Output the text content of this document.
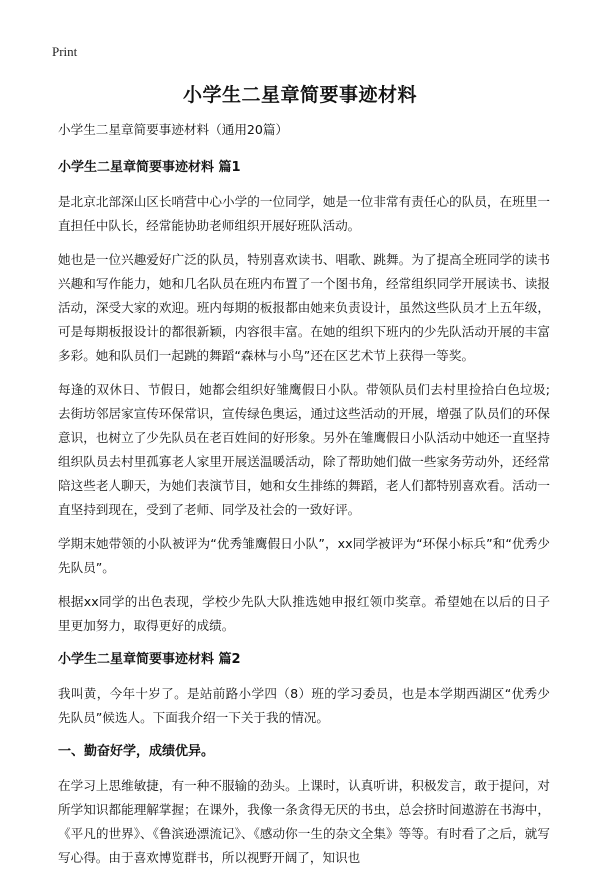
Print
小学生二星章简要事迹材料

小学生二星章简要事迹材料（通用20篇）

小学生二星章简要事迹材料 篇1

是北京北部深山区长哨营中心小学的一位同学，她是一位非常有责任心的队员，在班里一直担任中队长，经常能协助老师组织开展好班队活动。

她也是一位兴趣爱好广泛的队员，特别喜欢读书、唱歌、跳舞。为了提高全班同学的读书兴趣和写作能力，她和几名队员在班内布置了一个图书角，经常组织同学开展读书、读报活动，深受大家的欢迎。班内每期的板报都由她来负责设计，虽然这些队员才上五年级，可是每期板报设计的都很新颖，内容很丰富。在她的组织下班内的少先队活动开展的丰富多彩。她和队员们一起跳的舞蹈“森林与小鸟”还在区艺术节上获得一等奖。

每逢的双休日、节假日，她都会组织好雏鹰假日小队。带领队员们去村里捡拾白色垃圾;去街坊邻居家宣传环保常识，宣传绿色奥运，通过这些活动的开展，增强了队员们的环保意识，也树立了少先队员在老百姓间的好形象。另外在雏鹰假日小队活动中她还一直坚持组织队员去村里孤寡老人家里开展送温暖活动，除了帮助她们做一些家务劳动外，还经常陪这些老人聊天，为她们表演节目，她和女生排练的舞蹈，老人们都特别喜欢看。活动一直坚持到现在，受到了老师、同学及社会的一致好评。

学期末她带领的小队被评为“优秀雏鹰假日小队”，xx同学被评为“环保小标兵”和“优秀少先队员”。

根据xx同学的出色表现，学校少先队大队推选她申报红领巾奖章。希望她在以后的日子里更加努力，取得更好的成绩。

小学生二星章简要事迹材料 篇2

我叫黄，今年十岁了。是站前路小学四（8）班的学习委员，也是本学期西湖区“优秀少先队员”候选人。下面我介绍一下关于我的情况。

一、勤奋好学，成绩优异。

在学习上思维敏捷，有一种不服输的劲头。上课时，认真听讲，积极发言，敢于提问，对所学知识都能理解掌握；在课外，我像一条贪得无厌的书虫，总会挤时间遨游在书海中，《平凡的世界》、《鲁滨逊漂流记》、《感动你一生的杂文全集》等等。有时看了之后，就写写心得。由于喜欢博览群书，所以视野开阔了，知识也
